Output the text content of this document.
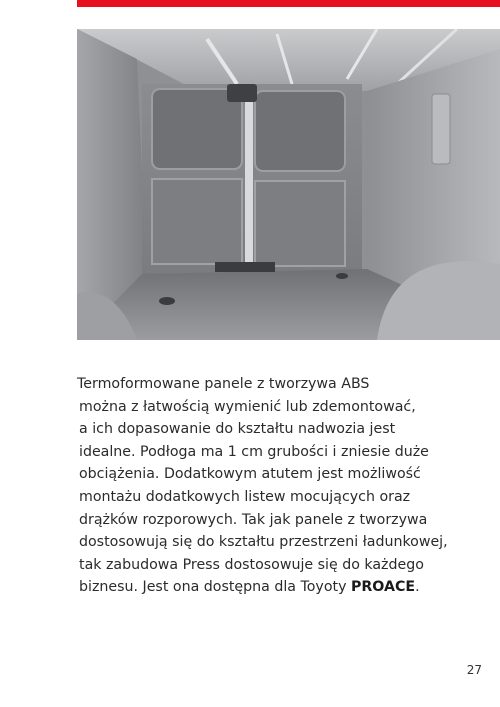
Termoformowane panele z tworzywa ABS
można z łatwością wymienić lub zdemontować,
a ich dopasowanie do kształtu nadwozia jest
idealne. Podłoga ma 1 cm grubości i zniesie duże
obciążenia. Dodatkowym atutem jest możliwość
montażu dodatkowych listew mocujących oraz
drążków rozporowych. Tak jak panele z tworzywa
dostosowują się do kształtu przestrzeni ładunkowej,
tak zabudowa Press dostosowuje się do każdego
biznesu. Jest ona dostępna dla Toyoty PROACE.

27
